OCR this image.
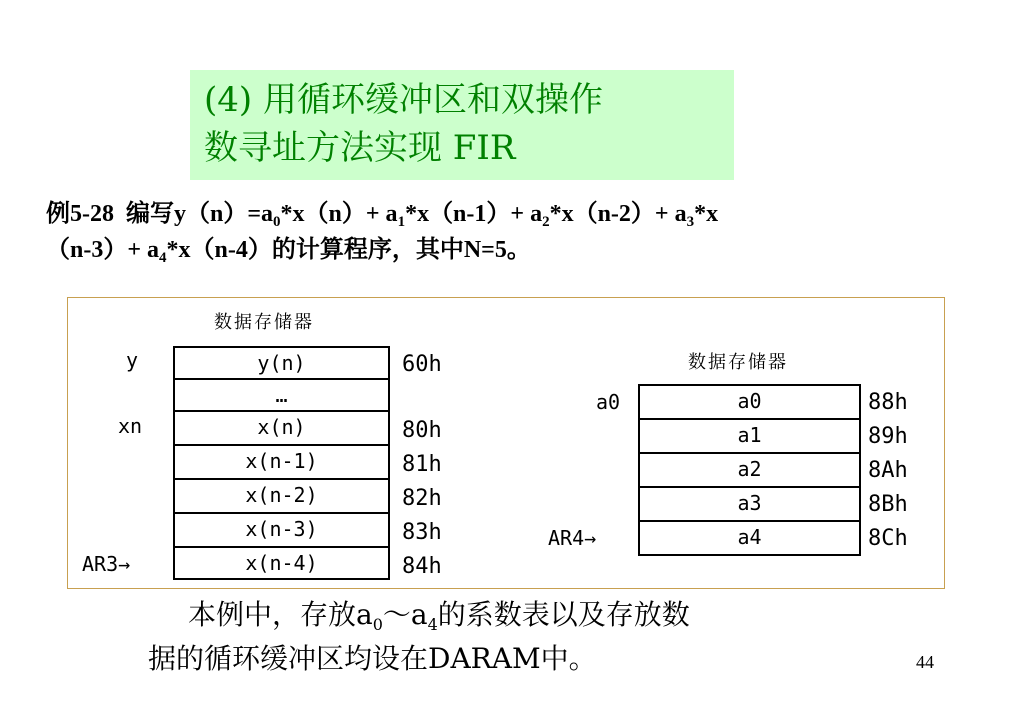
(4) 用循环缓冲区和双操作
数寻址方法实现 FIR
例5-28 编写$y(n)=a_0*x(n)+ a_1*x(n-1)+ a_2*x(n-2)+ a_3*x$
$(n-3)+ a_4*x(n-4)$的计算程序，其中N=5。
数据存储器
y(n)
…
x(n)
x(n-1)
x(n-2)
x(n-3)
x(n-4)
y
xn
AR3→
60h
80h
81h
82h
83h
84h
数据存储器
a0
a1
a2
a3
a4
a0
AR4→
88h
89h
8Ah
8Bh
8Ch
本例中，存放$a_0\sim a_4$的系数表以及存放数
据的循环缓冲区均设在DARAM中。	44
